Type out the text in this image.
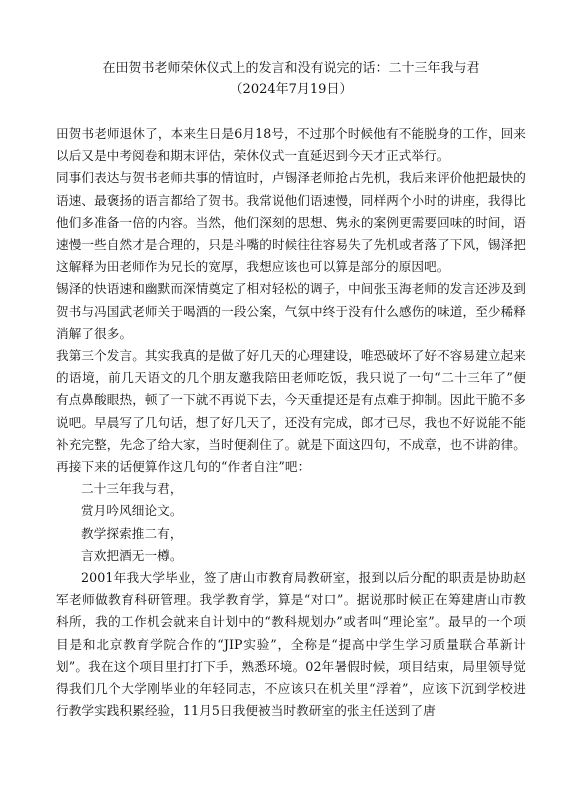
在田贺书老师荣休仪式上的发言和没有说完的话：二十三年我与君
（2024年7月19日）

田贺书老师退休了，本来生日是6月18号，不过那个时候他有不能脱身的工作，回来以后又是中考阅卷和期末评估，荣休仪式一直延迟到今天才正式举行。

同事们表达与贺书老师共事的情谊时，卢锡泽老师抢占先机，我后来评价他把最快的语速、最褒扬的语言都给了贺书。我常说他们语速慢，同样两个小时的讲座，我得比他们多准备一倍的内容。当然，他们深刻的思想、隽永的案例更需要回味的时间，语速慢一些自然才是合理的，只是斗嘴的时候往往容易失了先机或者落了下风，锡泽把这解释为田老师作为兄长的宽厚，我想应该也可以算是部分的原因吧。

锡泽的快语速和幽默而深情奠定了相对轻松的调子，中间张玉海老师的发言还涉及到贺书与冯国武老师关于喝酒的一段公案，气氛中终于没有什么感伤的味道，至少稀释消解了很多。

我第三个发言。其实我真的是做了好几天的心理建设，唯恐破坏了好不容易建立起来的语境，前几天语文的几个朋友邀我陪田老师吃饭，我只说了一句“二十三年了”便有点鼻酸眼热，顿了一下就不再说下去，今天重提还是有点难于抑制。因此干脆不多说吧。早晨写了几句话，想了好几天了，还没有完成，郎才已尽，我也不好说能不能补充完整，先念了给大家，当时便刹住了。就是下面这四句，不成章，也不讲韵律。再接下来的话便算作这几句的“作者自注”吧：

二十三年我与君，

赏月吟风细论文。

教学探索推二有，

言欢把酒无一樽。

2001年我大学毕业，签了唐山市教育局教研室，报到以后分配的职责是协助赵军老师做教育科研管理。我学教育学，算是“对口”。据说那时候正在筹建唐山市教科所，我的工作机会就来自计划中的“教科规划办”或者叫“理论室”。最早的一个项目是和北京教育学院合作的“JIP实验”，全称是“提高中学生学习质量联合革新计划”。我在这个项目里打打下手，熟悉环境。02年暑假时候，项目结束，局里领导觉得我们几个大学刚毕业的年轻同志，不应该只在机关里“浮着”，应该下沉到学校进行教学实践积累经验，11月5日我便被当时教研室的张主任送到了唐
